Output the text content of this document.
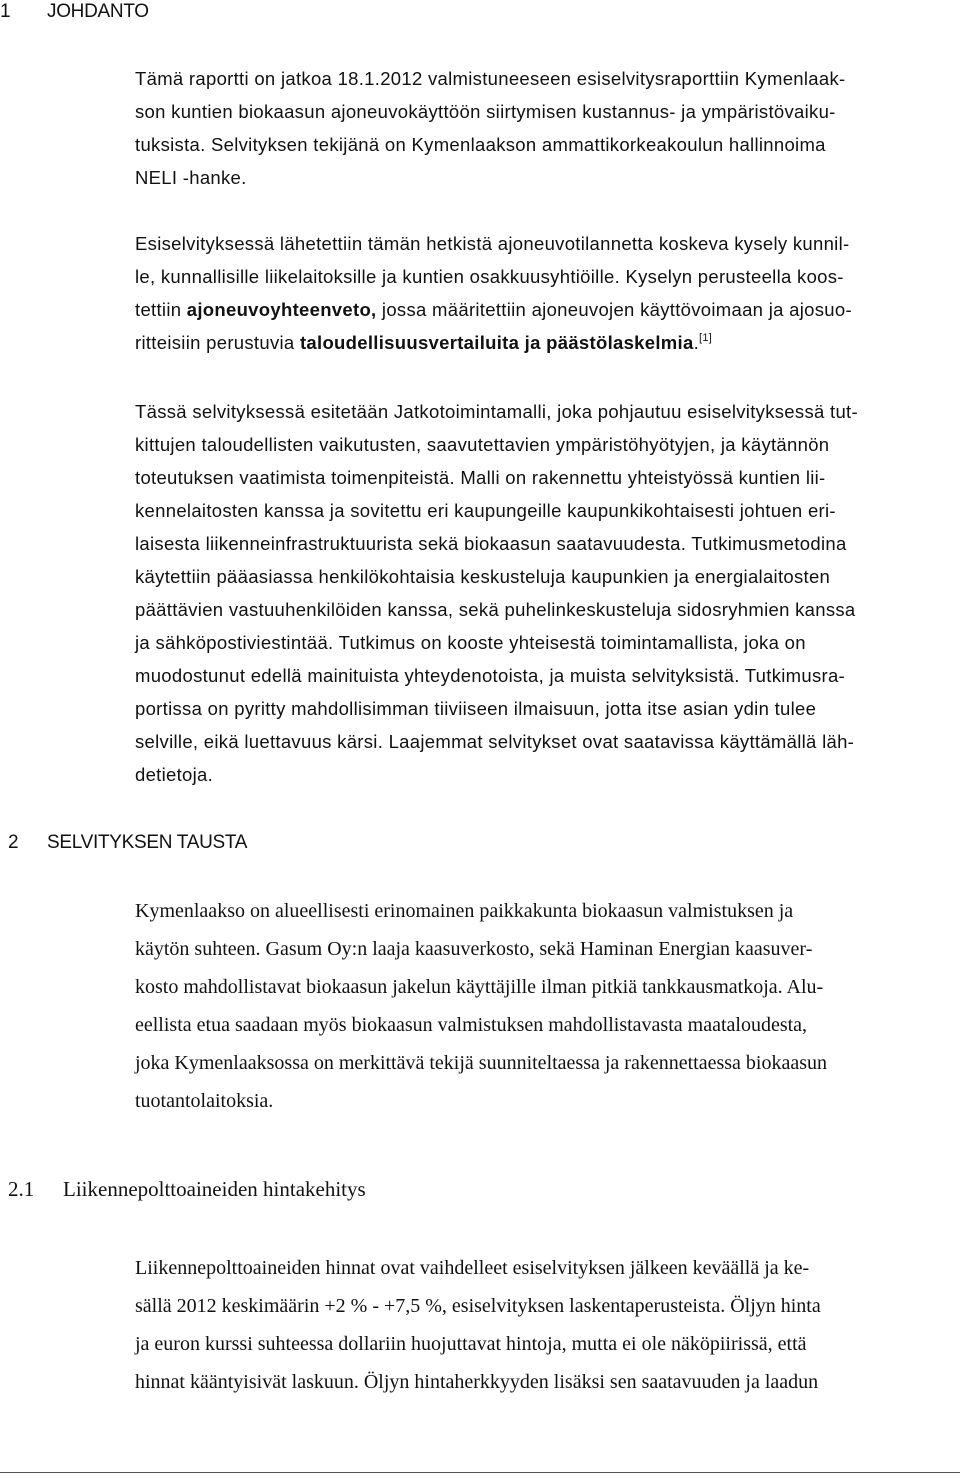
1 JOHDANTO
Tämä raportti on jatkoa 18.1.2012 valmistuneeseen esiselvitysraporttiin Kymenlaak-
son kuntien biokaasun ajoneuvokäyttöön siirtymisen kustannus- ja ympäristövaiku-
tuksista. Selvityksen tekijänä on Kymenlaakson ammattikorkeakoulun hallinnoima
NELI -hanke.
Esiselvityksessä lähetettiin tämän hetkistä ajoneuvotilannetta koskeva kysely kunnil-
le, kunnallisille liikelaitoksille ja kuntien osakkuusyhtiöille. Kyselyn perusteella koos-
tettiin ajoneuvoyhteenveto, jossa määritettiin ajoneuvojen käyttövoimaan ja ajosuo-
ritteisiin perustuvia taloudellisuusvertailuita ja päästölaskelmia.[1]
Tässä selvityksessä esitetään Jatkotoimintamalli, joka pohjautuu esiselvityksessä tut-
kittujen taloudellisten vaikutusten, saavutettavien ympäristöhyötyjen, ja käytännön
toteutuksen vaatimista toimenpiteistä. Malli on rakennettu yhteistyössä kuntien lii-
kennelaitosten kanssa ja sovitettu eri kaupungeille kaupunkikohtaisesti johtuen eri-
laisesta liikenneinfrastruktuurista sekä biokaasun saatavuudesta. Tutkimusmetodina
käytettiin pääasiassa henkilökohtaisia keskusteluja kaupunkien ja energialaitosten
päättävien vastuuhenkilöiden kanssa, sekä puhelinkeskusteluja sidosryhmien kanssa
ja sähköpostiviestintää. Tutkimus on kooste yhteisestä toimintamallista, joka on
muodostunut edellä mainituista yhteydenotoista, ja muista selvityksistä. Tutkimusra-
portissa on pyritty mahdollisimman tiiviiseen ilmaisuun, jotta itse asian ydin tulee
selville, eikä luettavuus kärsi. Laajemmat selvitykset ovat saatavissa käyttämällä läh-
detietoja.
2 SELVITYKSEN TAUSTA
Kymenlaakso on alueellisesti erinomainen paikkakunta biokaasun valmistuksen ja
käytön suhteen. Gasum Oy:n laaja kaasuverkosto, sekä Haminan Energian kaasuver-
kosto mahdollistavat biokaasun jakelun käyttäjille ilman pitkiä tankkausmatkoja. Alu-
eellista etua saadaan myös biokaasun valmistuksen mahdollistavasta maataloudesta,
joka Kymenlaaksossa on merkittävä tekijä suunniteltaessa ja rakennettaessa biokaasun
tuotantolaitoksia.
2.1 Liikennepolttoaineiden hintakehitys
Liikennepolttoaineiden hinnat ovat vaihdelleet esiselvityksen jälkeen keväällä ja ke-
sällä 2012 keskimäärin +2 % - +7,5 %, esiselvityksen laskentaperusteista. Öljyn hinta
ja euron kurssi suhteessa dollariin huojuttavat hintoja, mutta ei ole näköpiirissä, että
hinnat kääntyisivät laskuun. Öljyn hintaherkkyyden lisäksi sen saatavuuden ja laadun
